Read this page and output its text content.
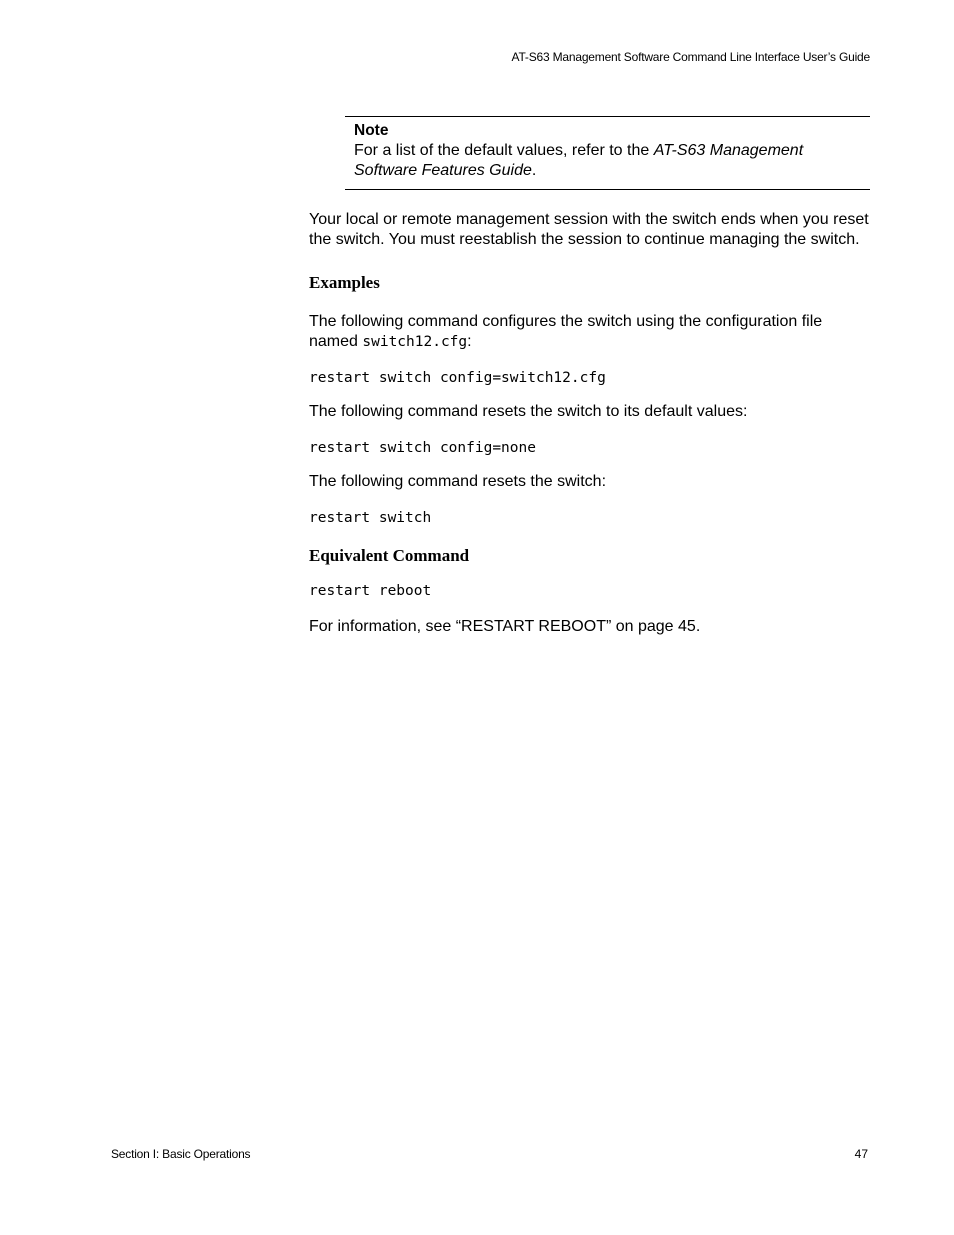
AT-S63 Management Software Command Line Interface User’s Guide
Note
For a list of the default values, refer to the AT-S63 Management Software Features Guide.

Your local or remote management session with the switch ends when you reset the switch. You must reestablish the session to continue managing the switch.

Examples

The following command configures the switch using the configuration file named switch12.cfg:

restart switch config=switch12.cfg

The following command resets the switch to its default values:

restart switch config=none

The following command resets the switch:

restart switch
Equivalent Command
restart reboot

For information, see “RESTART REBOOT” on page 45.

Section I: Basic Operations	47
